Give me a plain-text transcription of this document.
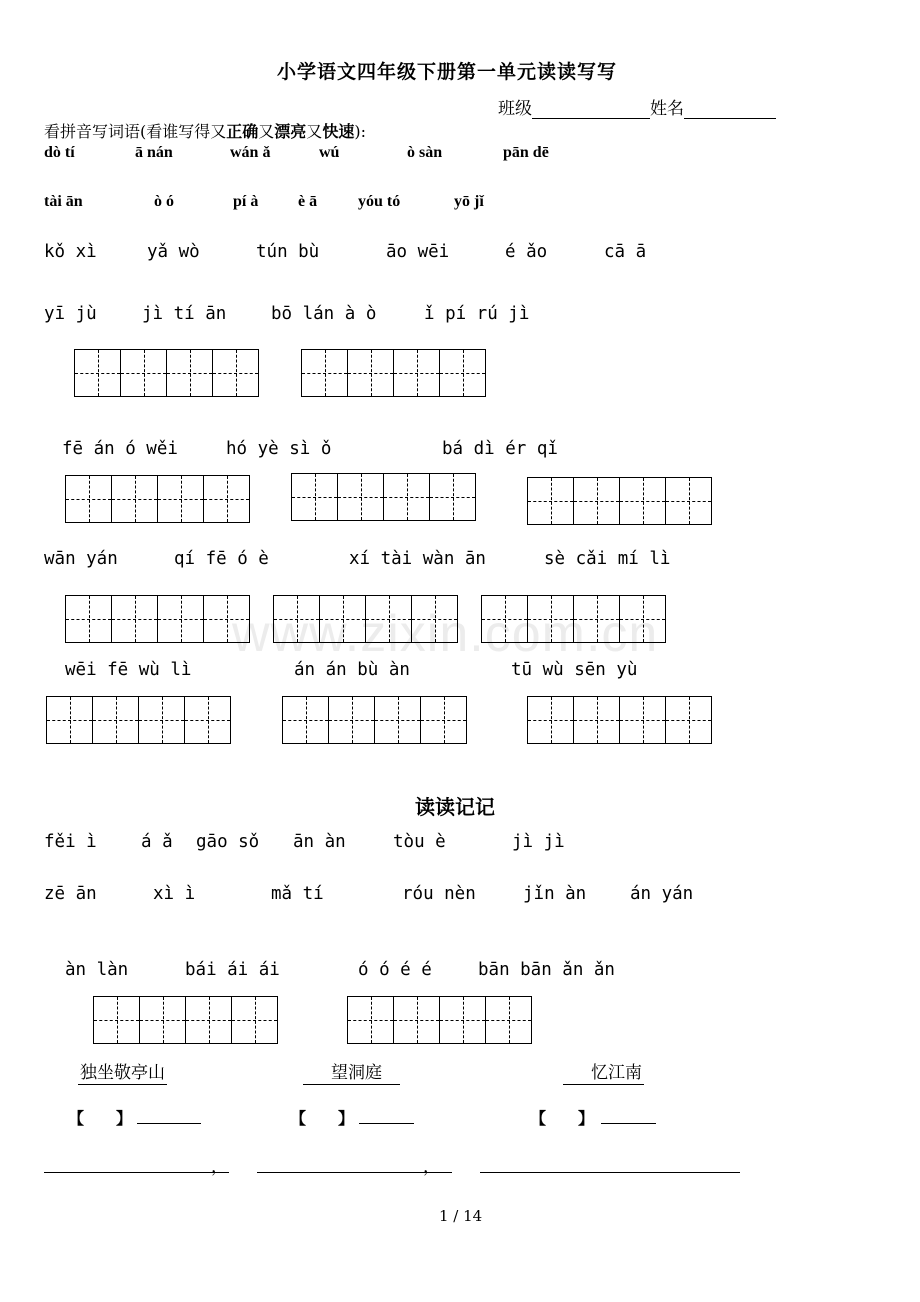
www.zixin.com.cn
小学语文四年级下册第一单元读读写写
班级	姓名
看拼音写词语(看谁写得又正确又漂亮又快速):
dò tí	ā nán	wán ǎ	wú	ò sàn	pān dē
tài ān	ò ó	pí à è ā	yóu tó	yō jǐ
kǒ xì	yǎ wò	tún bù	āo wēi	é ǎo	cā ā
yī jù	jì tí ān	bō lán à ò	ǐ pí rú jì
fē án ó wěi	hó yè sì ǒ	bá dì ér qǐ
wān yán	qí fē ó è	xí tài wàn ān	sè cǎi mí lì
wēi fē wù lì	án án bù àn	tū wù sēn yù
读读记记
fěi ì	á ǎ gāo sǒ ān àn	tòu è	jì jì
zē ān	xì ì	mǎ tí	róu nèn	jǐn àn	án yán
àn làn	bái ái ái	ó ó é é	bān bān ǎn ǎn
独坐敬亭山	望洞庭	忆江南
【 】	【 】	【 】
，	，
1 / 14
